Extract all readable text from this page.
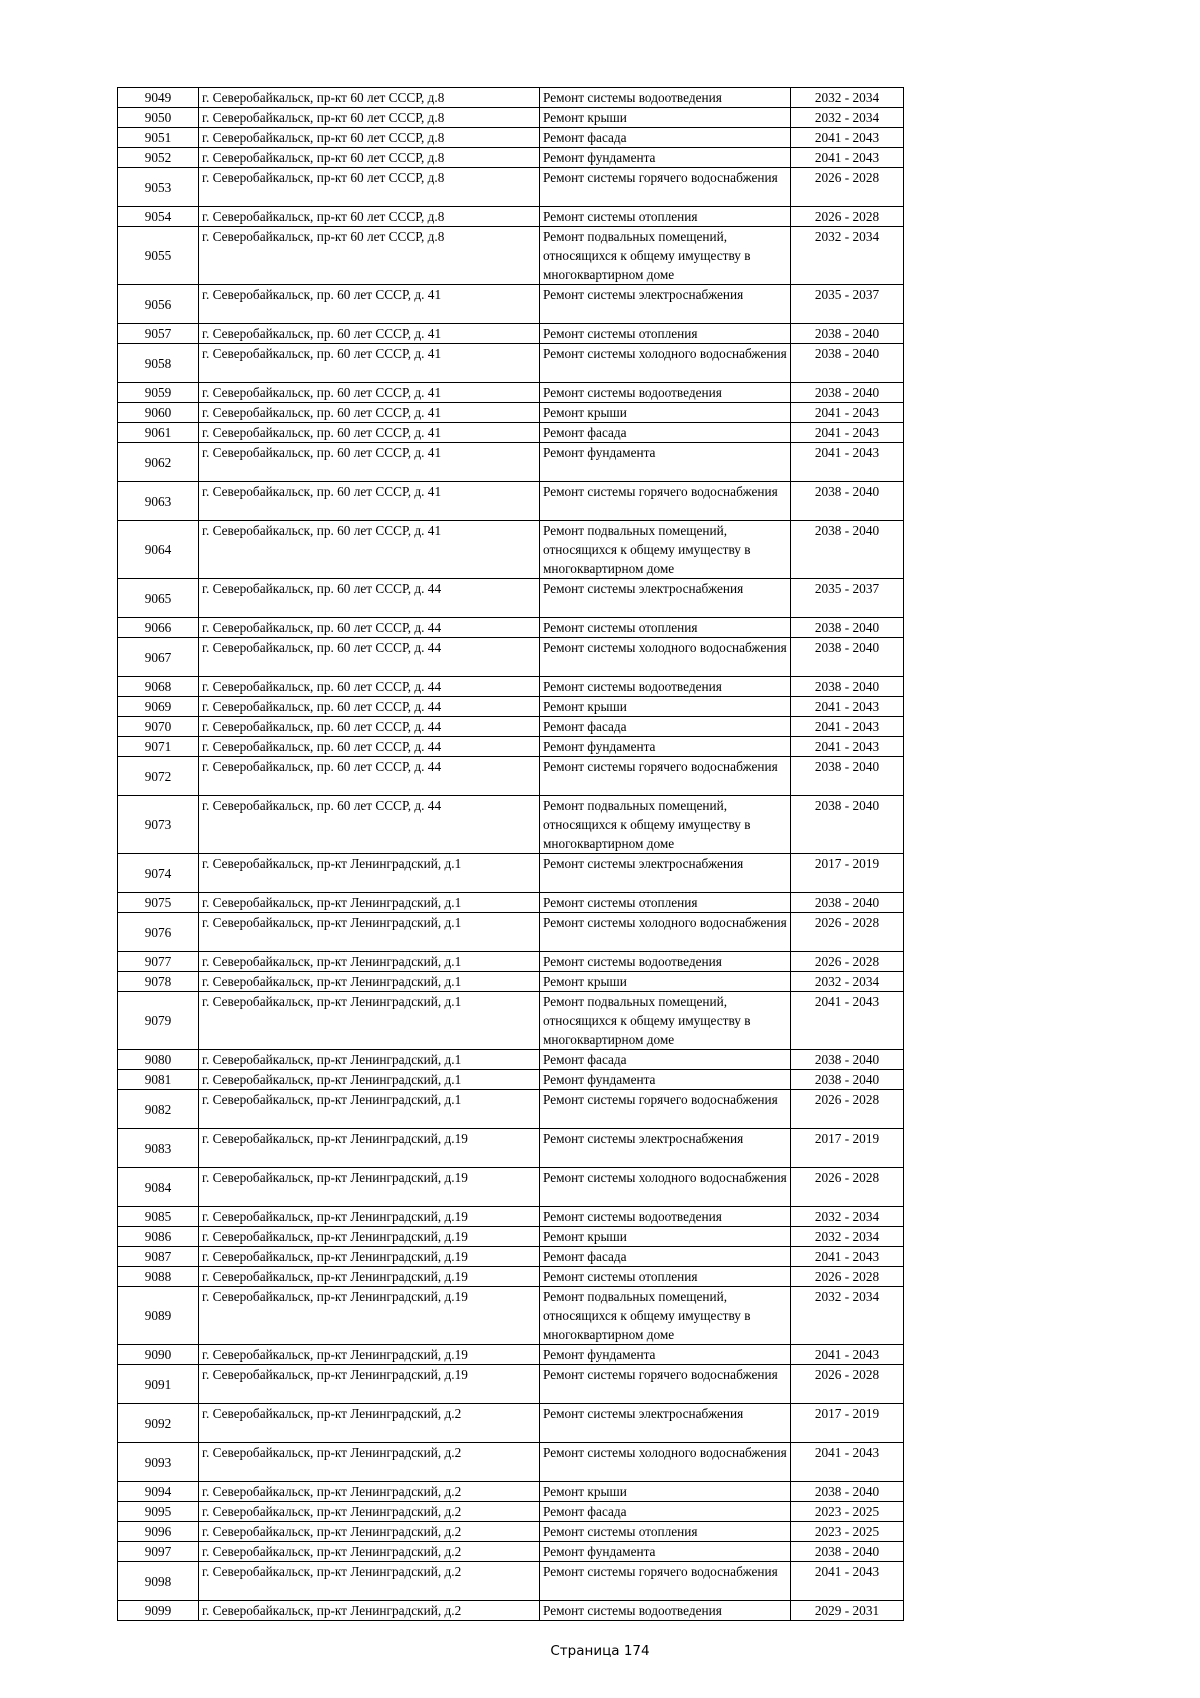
9049	г. Северобайкальск, пр-кт 60 лет СССР, д.8	Ремонт системы водоотведения	2032 - 2034
9050	г. Северобайкальск, пр-кт 60 лет СССР, д.8	Ремонт крыши	2032 - 2034
9051	г. Северобайкальск, пр-кт 60 лет СССР, д.8	Ремонт фасада	2041 - 2043
9052	г. Северобайкальск, пр-кт 60 лет СССР, д.8	Ремонт фундамента	2041 - 2043
9053	г. Северобайкальск, пр-кт 60 лет СССР, д.8	Ремонт системы горячего водоснабжения	2026 - 2028
9054	г. Северобайкальск, пр-кт 60 лет СССР, д.8	Ремонт системы отопления	2026 - 2028
9055	г. Северобайкальск, пр-кт 60 лет СССР, д.8	Ремонт подвальных помещений, относящихся к общему имуществу в многоквартирном доме	2032 - 2034
9056	г. Северобайкальск, пр. 60 лет СССР, д. 41	Ремонт системы электроснабжения	2035 - 2037
9057	г. Северобайкальск, пр. 60 лет СССР, д. 41	Ремонт системы отопления	2038 - 2040
9058	г. Северобайкальск, пр. 60 лет СССР, д. 41	Ремонт системы холодного водоснабжения	2038 - 2040
9059	г. Северобайкальск, пр. 60 лет СССР, д. 41	Ремонт системы водоотведения	2038 - 2040
9060	г. Северобайкальск, пр. 60 лет СССР, д. 41	Ремонт крыши	2041 - 2043
9061	г. Северобайкальск, пр. 60 лет СССР, д. 41	Ремонт фасада	2041 - 2043
9062	г. Северобайкальск, пр. 60 лет СССР, д. 41	Ремонт фундамента	2041 - 2043
9063	г. Северобайкальск, пр. 60 лет СССР, д. 41	Ремонт системы горячего водоснабжения	2038 - 2040
9064	г. Северобайкальск, пр. 60 лет СССР, д. 41	Ремонт подвальных помещений, относящихся к общему имуществу в многоквартирном доме	2038 - 2040
9065	г. Северобайкальск, пр. 60 лет СССР, д. 44	Ремонт системы электроснабжения	2035 - 2037
9066	г. Северобайкальск, пр. 60 лет СССР, д. 44	Ремонт системы отопления	2038 - 2040
9067	г. Северобайкальск, пр. 60 лет СССР, д. 44	Ремонт системы холодного водоснабжения	2038 - 2040
9068	г. Северобайкальск, пр. 60 лет СССР, д. 44	Ремонт системы водоотведения	2038 - 2040
9069	г. Северобайкальск, пр. 60 лет СССР, д. 44	Ремонт крыши	2041 - 2043
9070	г. Северобайкальск, пр. 60 лет СССР, д. 44	Ремонт фасада	2041 - 2043
9071	г. Северобайкальск, пр. 60 лет СССР, д. 44	Ремонт фундамента	2041 - 2043
9072	г. Северобайкальск, пр. 60 лет СССР, д. 44	Ремонт системы горячего водоснабжения	2038 - 2040
9073	г. Северобайкальск, пр. 60 лет СССР, д. 44	Ремонт подвальных помещений, относящихся к общему имуществу в многоквартирном доме	2038 - 2040
9074	г. Северобайкальск, пр-кт Ленинградский, д.1	Ремонт системы электроснабжения	2017 - 2019
9075	г. Северобайкальск, пр-кт Ленинградский, д.1	Ремонт системы отопления	2038 - 2040
9076	г. Северобайкальск, пр-кт Ленинградский, д.1	Ремонт системы холодного водоснабжения	2026 - 2028
9077	г. Северобайкальск, пр-кт Ленинградский, д.1	Ремонт системы водоотведения	2026 - 2028
9078	г. Северобайкальск, пр-кт Ленинградский, д.1	Ремонт крыши	2032 - 2034
9079	г. Северобайкальск, пр-кт Ленинградский, д.1	Ремонт подвальных помещений, относящихся к общему имуществу в многоквартирном доме	2041 - 2043
9080	г. Северобайкальск, пр-кт Ленинградский, д.1	Ремонт фасада	2038 - 2040
9081	г. Северобайкальск, пр-кт Ленинградский, д.1	Ремонт фундамента	2038 - 2040
9082	г. Северобайкальск, пр-кт Ленинградский, д.1	Ремонт системы горячего водоснабжения	2026 - 2028
9083	г. Северобайкальск, пр-кт Ленинградский, д.19	Ремонт системы электроснабжения	2017 - 2019
9084	г. Северобайкальск, пр-кт Ленинградский, д.19	Ремонт системы холодного водоснабжения	2026 - 2028
9085	г. Северобайкальск, пр-кт Ленинградский, д.19	Ремонт системы водоотведения	2032 - 2034
9086	г. Северобайкальск, пр-кт Ленинградский, д.19	Ремонт крыши	2032 - 2034
9087	г. Северобайкальск, пр-кт Ленинградский, д.19	Ремонт фасада	2041 - 2043
9088	г. Северобайкальск, пр-кт Ленинградский, д.19	Ремонт системы отопления	2026 - 2028
9089	г. Северобайкальск, пр-кт Ленинградский, д.19	Ремонт подвальных помещений, относящихся к общему имуществу в многоквартирном доме	2032 - 2034
9090	г. Северобайкальск, пр-кт Ленинградский, д.19	Ремонт фундамента	2041 - 2043
9091	г. Северобайкальск, пр-кт Ленинградский, д.19	Ремонт системы горячего водоснабжения	2026 - 2028
9092	г. Северобайкальск, пр-кт Ленинградский, д.2	Ремонт системы электроснабжения	2017 - 2019
9093	г. Северобайкальск, пр-кт Ленинградский, д.2	Ремонт системы холодного водоснабжения	2041 - 2043
9094	г. Северобайкальск, пр-кт Ленинградский, д.2	Ремонт крыши	2038 - 2040
9095	г. Северобайкальск, пр-кт Ленинградский, д.2	Ремонт фасада	2023 - 2025
9096	г. Северобайкальск, пр-кт Ленинградский, д.2	Ремонт системы отопления	2023 - 2025
9097	г. Северобайкальск, пр-кт Ленинградский, д.2	Ремонт фундамента	2038 - 2040
9098	г. Северобайкальск, пр-кт Ленинградский, д.2	Ремонт системы горячего водоснабжения	2041 - 2043
9099	г. Северобайкальск, пр-кт Ленинградский, д.2	Ремонт системы водоотведения	2029 - 2031
Страница 174
